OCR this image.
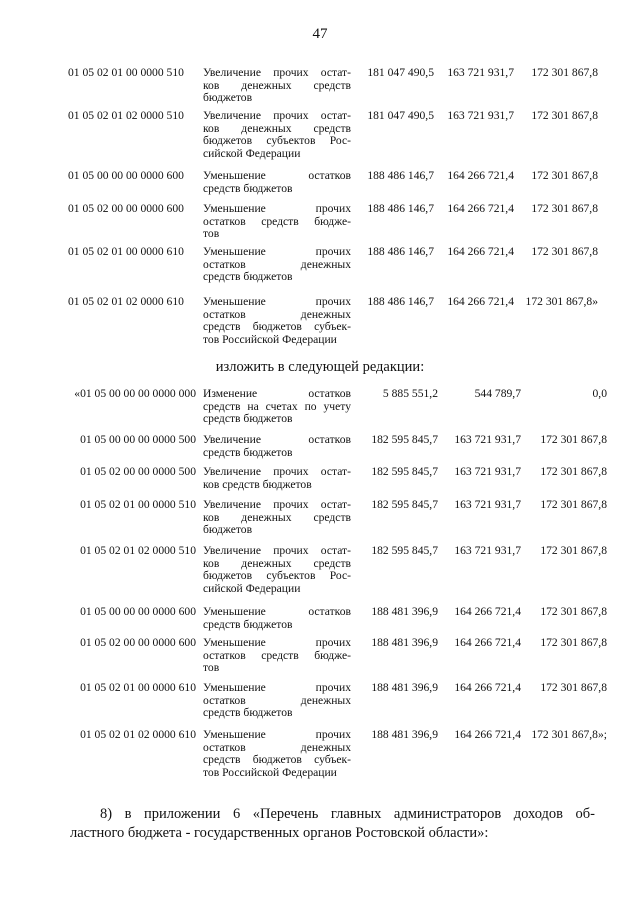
47
01 05 02 01 00 0000 510	Увеличение прочих остат-
ков денежных средств
бюджетов
181 047 490,5 163 721 931,7 172 301 867,8
01 05 02 01 02 0000 510	Увеличение прочих остат-
ков денежных средств
бюджетов субъектов Рос-
сийской Федерации
181 047 490,5 163 721 931,7 172 301 867,8
01 05 00 00 00 0000 600	Уменьшение остатков
средств бюджетов
188 486 146,7 164 266 721,4 172 301 867,8
01 05 02 00 00 0000 600	Уменьшение прочих
остатков средств бюдже-
тов
188 486 146,7 164 266 721,4 172 301 867,8
01 05 02 01 00 0000 610	Уменьшение прочих
остатков денежных
средств бюджетов
188 486 146,7 164 266 721,4 172 301 867,8
01 05 02 01 02 0000 610	Уменьшение прочих
остатков денежных
средств бюджетов субъек-
тов Российской Федерации
188 486 146,7 164 266 721,4 172 301 867,8»
изложить в следующей редакции:
«01 05 00 00 00 0000 000 Изменение остатков
средств на счетах по учету
средств бюджетов
5 885 551,2	544 789,7	0,0
01 05 00 00 00 0000 500 Увеличение остатков
средств бюджетов
182 595 845,7 163 721 931,7 172 301 867,8
01 05 02 00 00 0000 500 Увеличение прочих остат-
ков средств бюджетов
182 595 845,7 163 721 931,7 172 301 867,8
01 05 02 01 00 0000 510 Увеличение прочих остат-
ков денежных средств
бюджетов
182 595 845,7 163 721 931,7 172 301 867,8
01 05 02 01 02 0000 510 Увеличение прочих остат-
ков денежных средств
бюджетов субъектов Рос-
сийской Федерации
182 595 845,7 163 721 931,7 172 301 867,8
01 05 00 00 00 0000 600 Уменьшение остатков
средств бюджетов
188 481 396,9 164 266 721,4 172 301 867,8
01 05 02 00 00 0000 600 Уменьшение прочих
остатков средств бюдже-
тов
188 481 396,9 164 266 721,4 172 301 867,8
01 05 02 01 00 0000 610 Уменьшение прочих
остатков денежных
средств бюджетов
188 481 396,9 164 266 721,4 172 301 867,8
01 05 02 01 02 0000 610 Уменьшение прочих
остатков денежных
средств бюджетов субъек-
тов Российской Федерации
188 481 396,9 164 266 721,4 172 301 867,8»;
8) в приложении 6 «Перечень главных администраторов доходов об-
ластного бюджета - государственных органов Ростовской области»:
